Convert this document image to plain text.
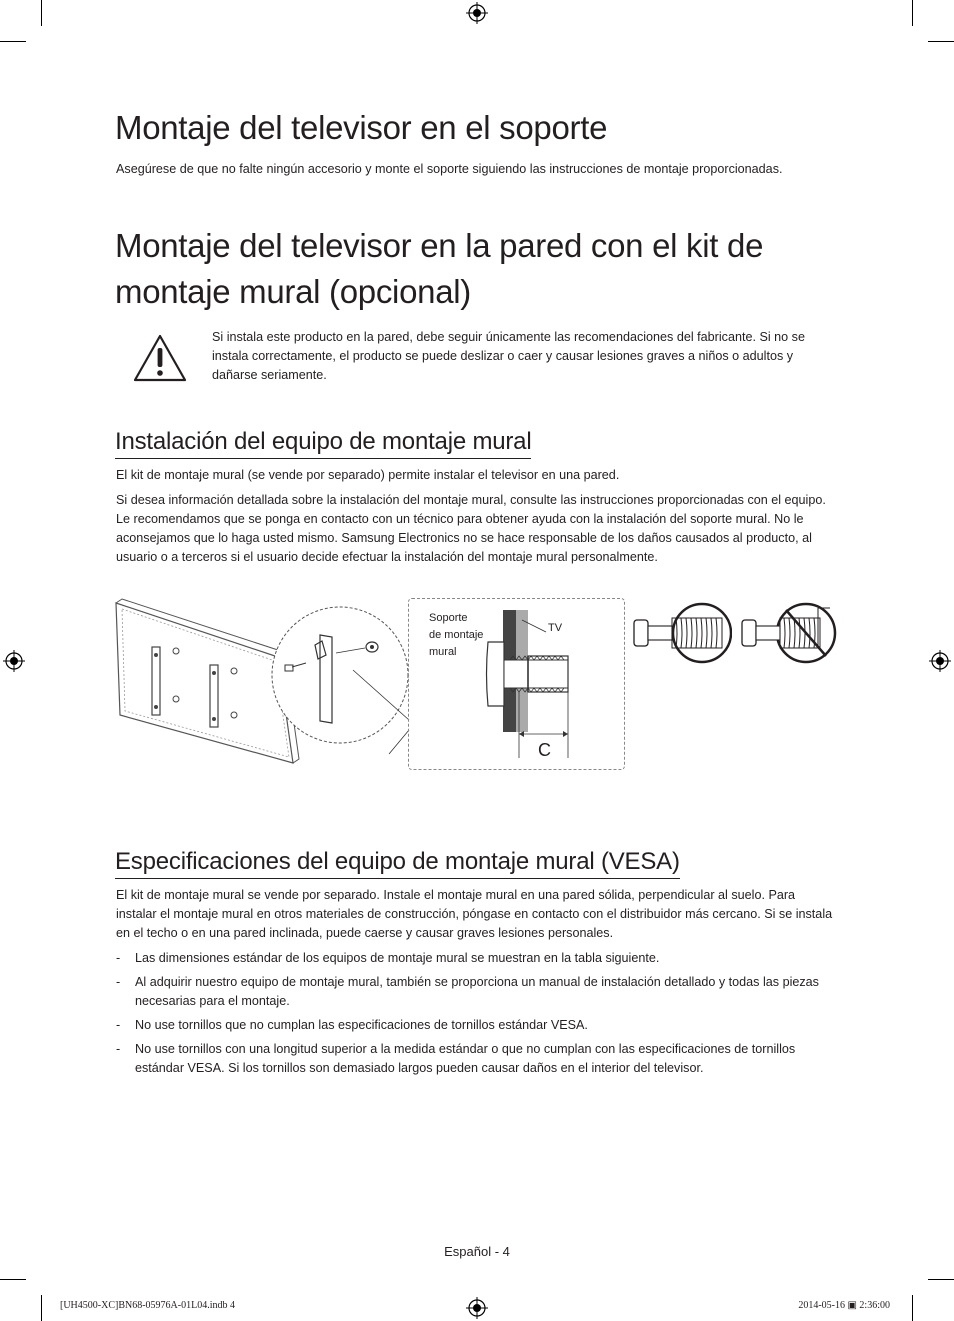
Montaje del televisor en el soporte

Asegúrese de que no falte ningún accesorio y monte el soporte siguiendo las instrucciones de montaje proporcionadas.

Montaje del televisor en la pared con el kit de
montaje mural (opcional)

Si instala este producto en la pared, debe seguir únicamente las recomendaciones del fabricante. Si no se instala correctamente, el producto se puede deslizar o caer y causar lesiones graves a niños o adultos y dañarse seriamente.

Instalación del equipo de montaje mural

El kit de montaje mural (se vende por separado) permite instalar el televisor en una pared.

Si desea información detallada sobre la instalación del montaje mural, consulte las instrucciones proporcionadas con el equipo. Le recomendamos que se ponga en contacto con un técnico para obtener ayuda con la instalación del soporte mural. No le aconsejamos que lo haga usted mismo. Samsung Electronics no se hace responsable de los daños causados al producto, al usuario o a terceros si el usuario decide efectuar la instalación del montaje mural personalmente.

Soporte
de montaje
mural
TV
C
Especificaciones del equipo de montaje mural (VESA)

El kit de montaje mural se vende por separado. Instale el montaje mural en una pared sólida, perpendicular al suelo. Para instalar el montaje mural en otros materiales de construcción, póngase en contacto con el distribuidor más cercano. Si se instala en el techo o en una pared inclinada, puede caerse y causar graves lesiones personales.

- Las dimensiones estándar de los equipos de montaje mural se muestran en la tabla siguiente.
- Al adquirir nuestro equipo de montaje mural, también se proporciona un manual de instalación detallado y todas las piezas necesarias para el montaje.
- No use tornillos que no cumplan las especificaciones de tornillos estándar VESA.
- No use tornillos con una longitud superior a la medida estándar o que no cumplan con las especificaciones de tornillos estándar VESA. Si los tornillos son demasiado largos pueden causar daños en el interior del televisor.
Español - 4
[UH4500-XC]BN68-05976A-01L04.indb 4	2014-05-16 ▣ 2:36:00
